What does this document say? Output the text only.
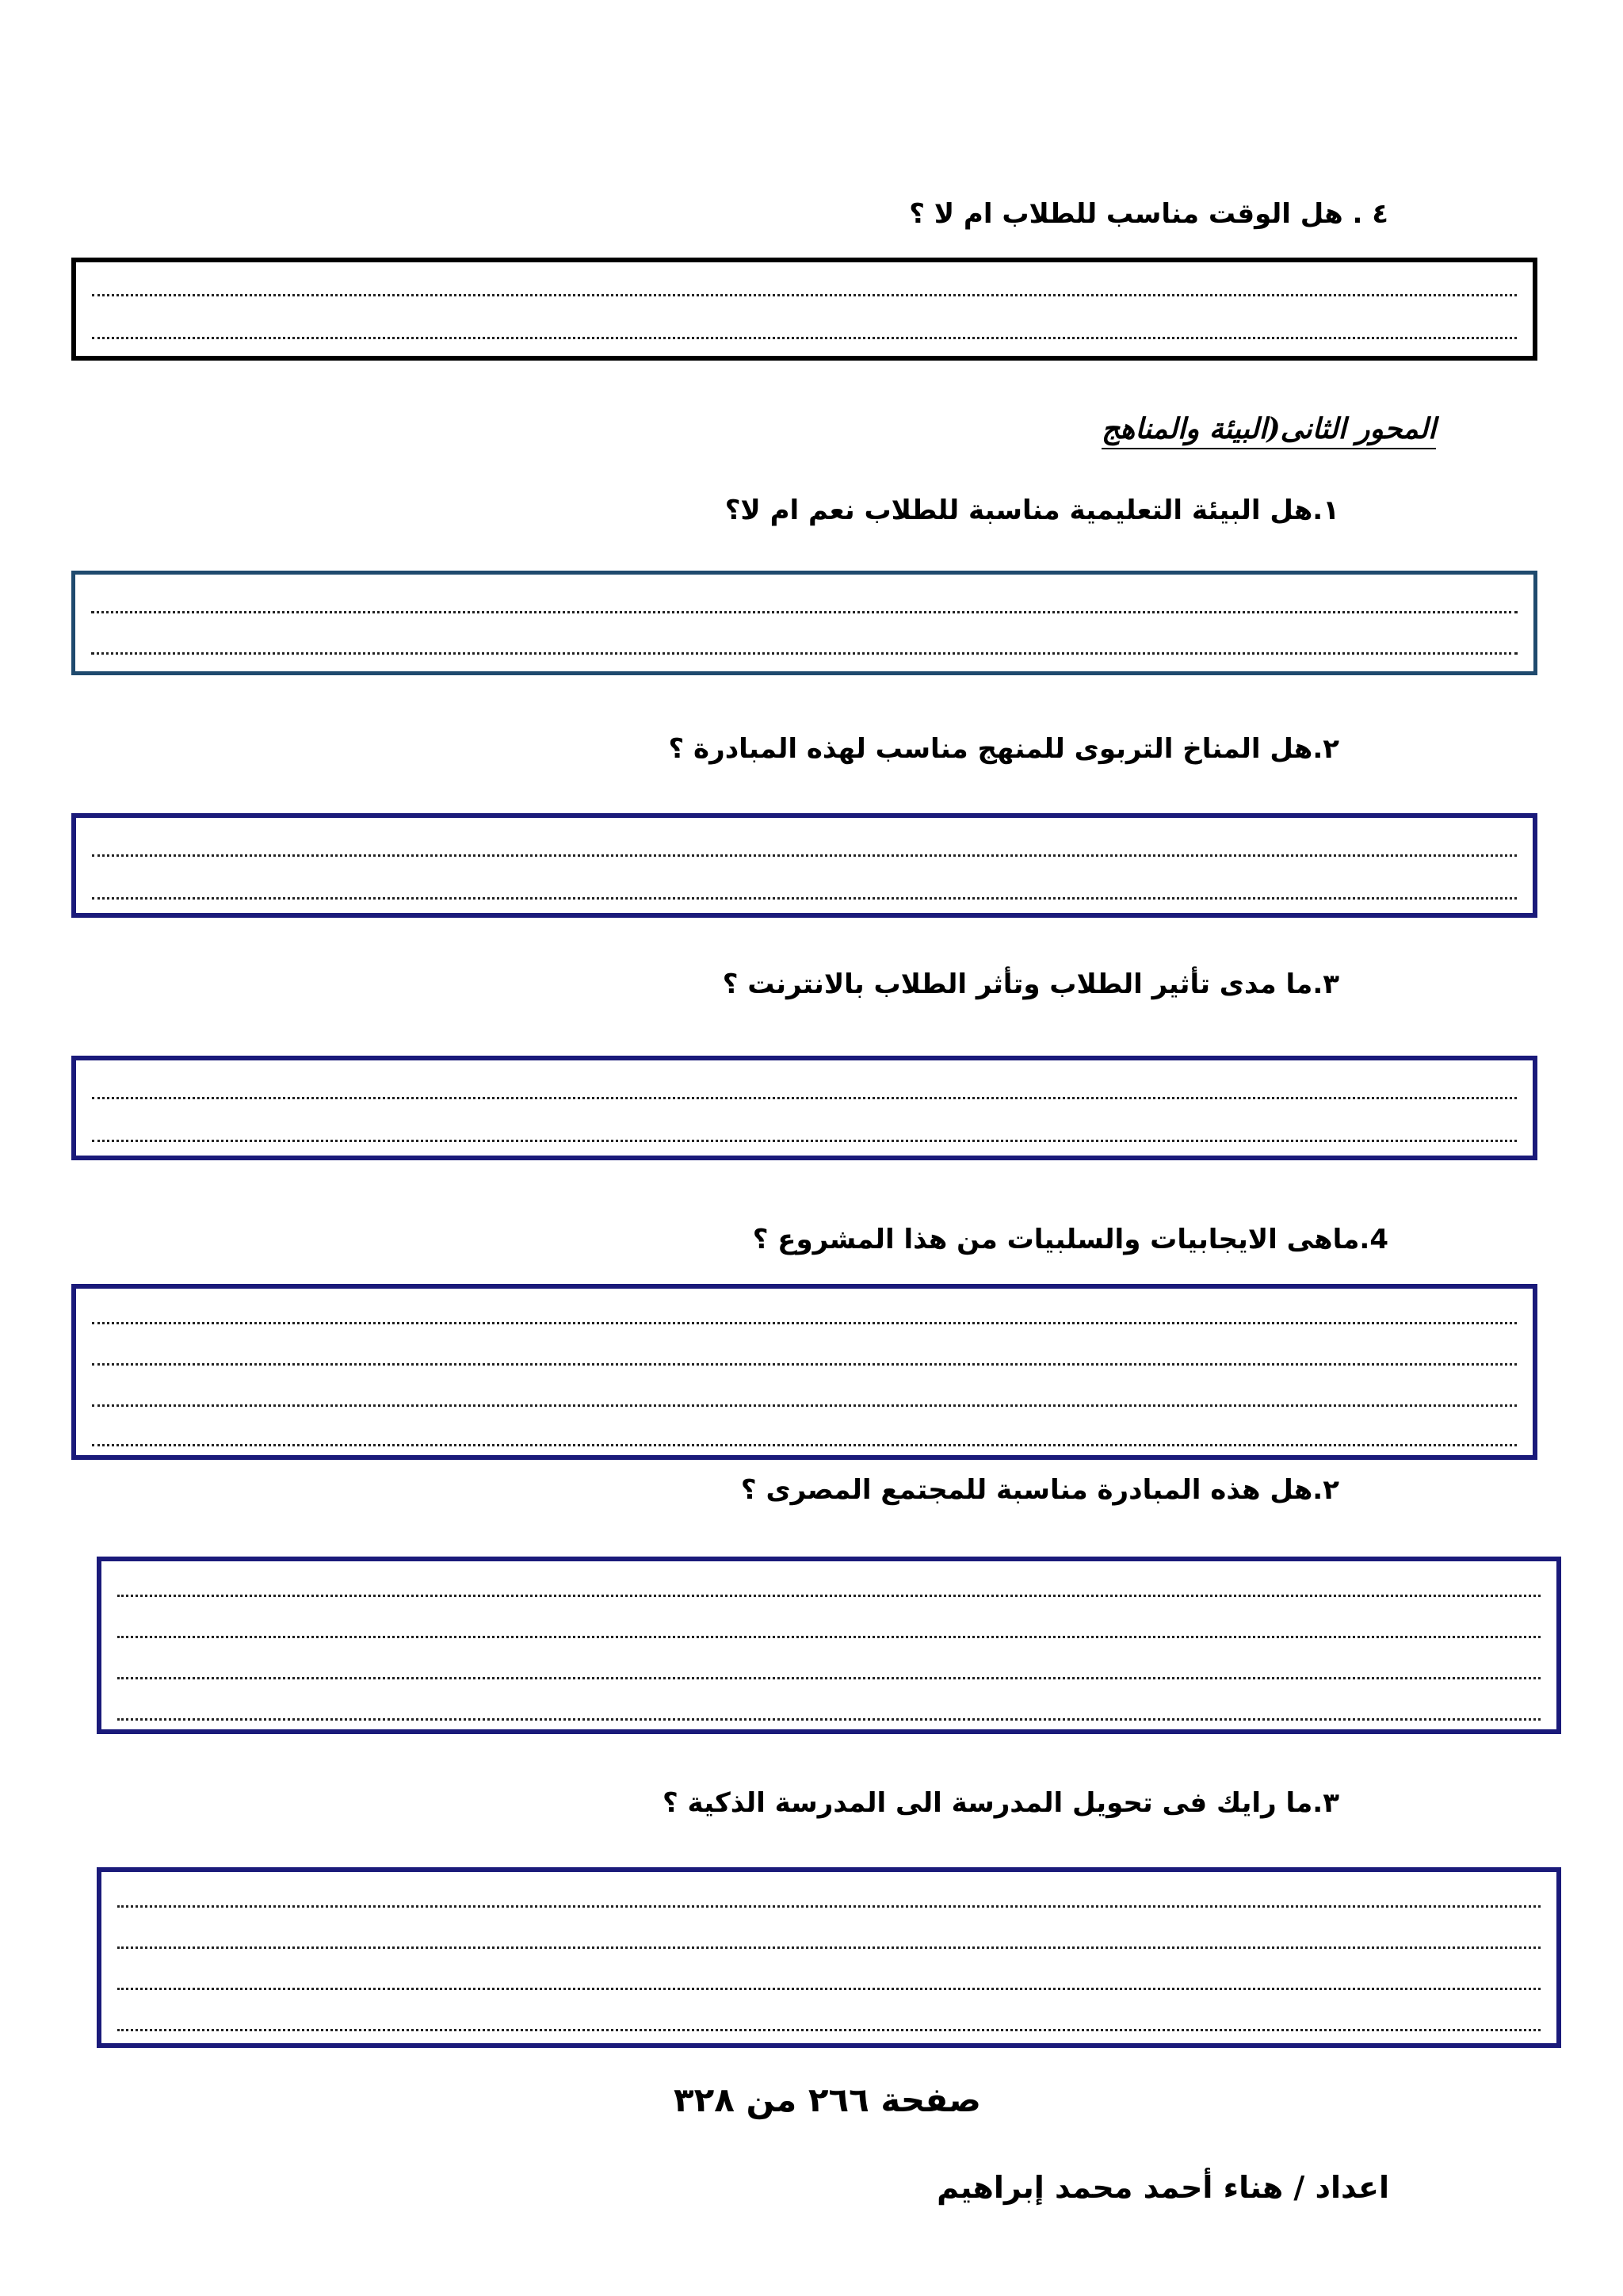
٤ . هل الوقت مناسب للطلاب ام لا ؟
المحور الثانى(البيئة والمناهج
١.هل البيئة التعليمية مناسبة للطلاب نعم ام لا؟
٢.هل المناخ التربوى للمنهج مناسب لهذه المبادرة ؟
٣.ما مدى تأثير الطلاب وتأثر الطلاب بالانترنت ؟
4.ماهى الايجابيات والسلبيات من هذا المشروع ؟
٢.هل هذه المبادرة مناسبة للمجتمع المصرى ؟
٣.ما رايك فى تحويل المدرسة الى المدرسة الذكية ؟
صفحة ٢٦٦ من ٣٢٨
اعداد / هناء أحمد محمد إبراهيم
